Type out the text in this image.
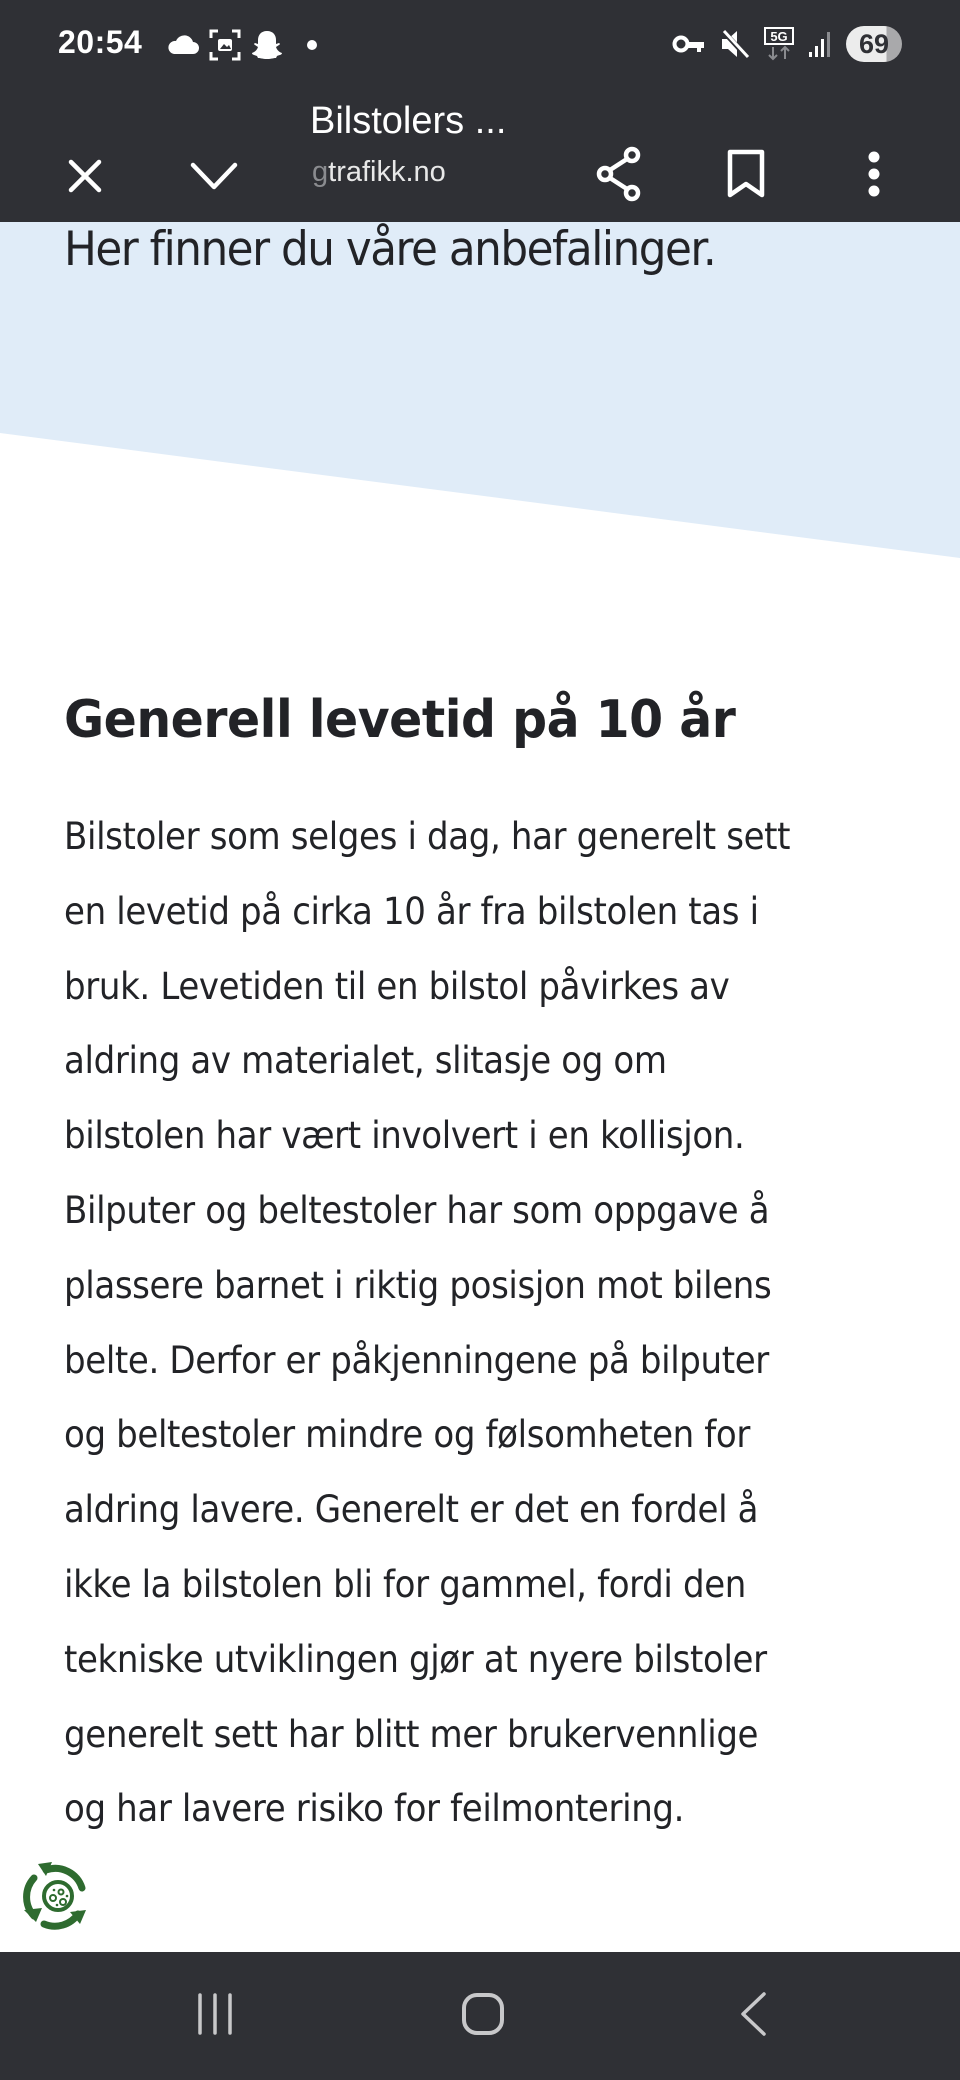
20:54	5G	69
Bilstolers ...
gtrafikk.no
Her finner du våre anbefalinger.
Generell levetid på 10 år
Bilstoler som selges i dag, har generelt sett
en levetid på cirka 10 år fra bilstolen tas i
bruk. Levetiden til en bilstol påvirkes av
aldring av materialet, slitasje og om
bilstolen har vært involvert i en kollisjon.
Bilputer og beltestoler har som oppgave å
plassere barnet i riktig posisjon mot bilens
belte. Derfor er påkjenningene på bilputer
og beltestoler mindre og følsomheten for
aldring lavere. Generelt er det en fordel å
ikke la bilstolen bli for gammel, fordi den
tekniske utviklingen gjør at nyere bilstoler
generelt sett har blitt mer brukervennlige
og har lavere risiko for feilmontering.
